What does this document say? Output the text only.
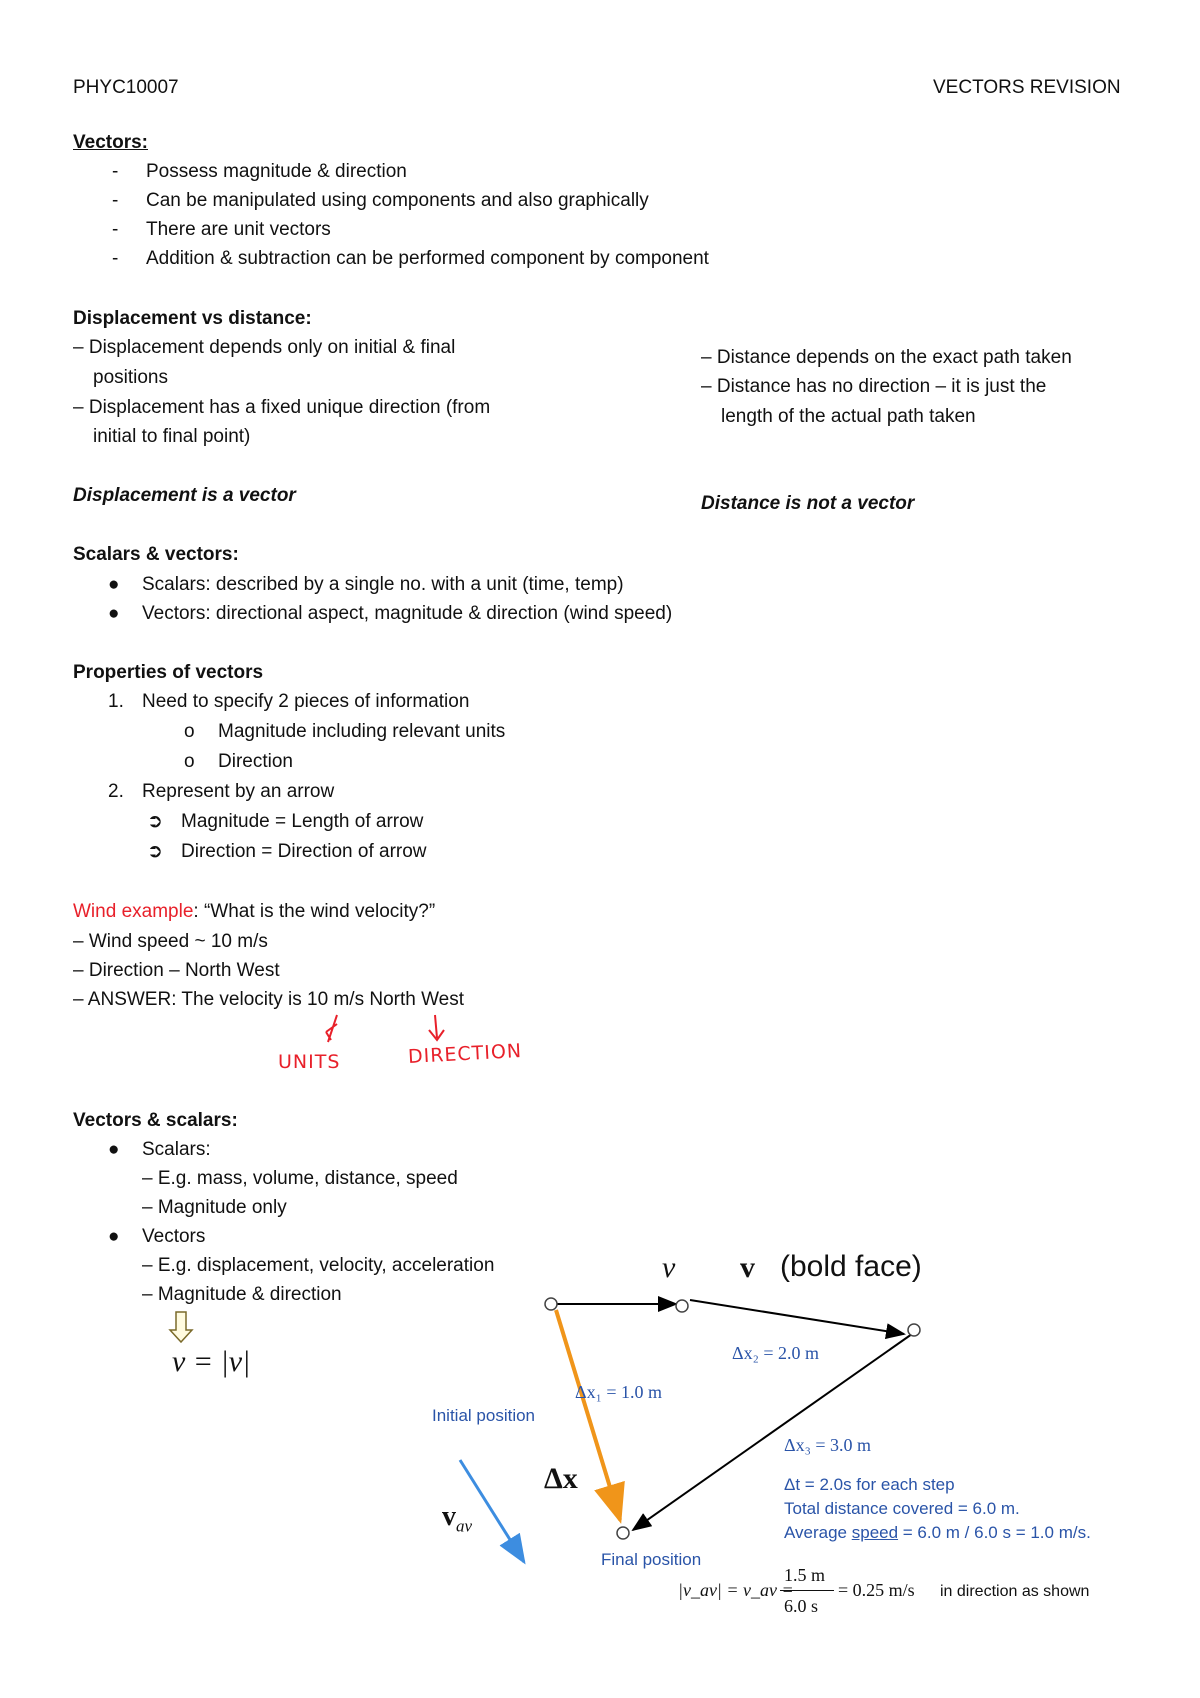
PHYC10007	VECTORS REVISION
Vectors:
- Possess magnitude & direction
- Can be manipulated using components and also graphically
- There are unit vectors
- Addition & subtraction can be performed component by component
Displacement vs distance:
– Displacement depends only on initial & final
positions
– Displacement has a fixed unique direction (from
initial to final point)
– Distance depends on the exact path taken
– Distance has no direction – it is just the
length of the actual path taken
Displacement is a vector	Distance is not a vector
Scalars & vectors:
● Scalars: described by a single no. with a unit (time, temp)
● Vectors: directional aspect, magnitude & direction (wind speed)
Properties of vectors
1. Need to specify 2 pieces of information
o Magnitude including relevant units
o Direction
2. Represent by an arrow
➲ Magnitude = Length of arrow
➲ Direction = Direction of arrow
Wind example: “What is the wind velocity?”
– Wind speed ~ 10 m/s
– Direction – North West
– ANSWER: The velocity is 10 m/s North West
UNITS	DIRECTION
Vectors & scalars:
● Scalars:
– E.g. mass, volume, distance, speed
– Magnitude only
● Vectors
– E.g. displacement, velocity, acceleration
– Magnitude & direction
v = |v|
v⃗ v (bold face)
Initial position
Final position
Δx₁ = 1.0 m
Δx₂ = 2.0 m
Δx₃ = 3.0 m
Δx
$v_{av}$
Δt = 2.0s for each step
Total distance covered = 6.0 m.
Average speed = 6.0 m / 6.0 s = 1.0 m/s.
|v_av| = v_av =
1.5 m
6.0 s
= 0.25 m/s in direction as shown
